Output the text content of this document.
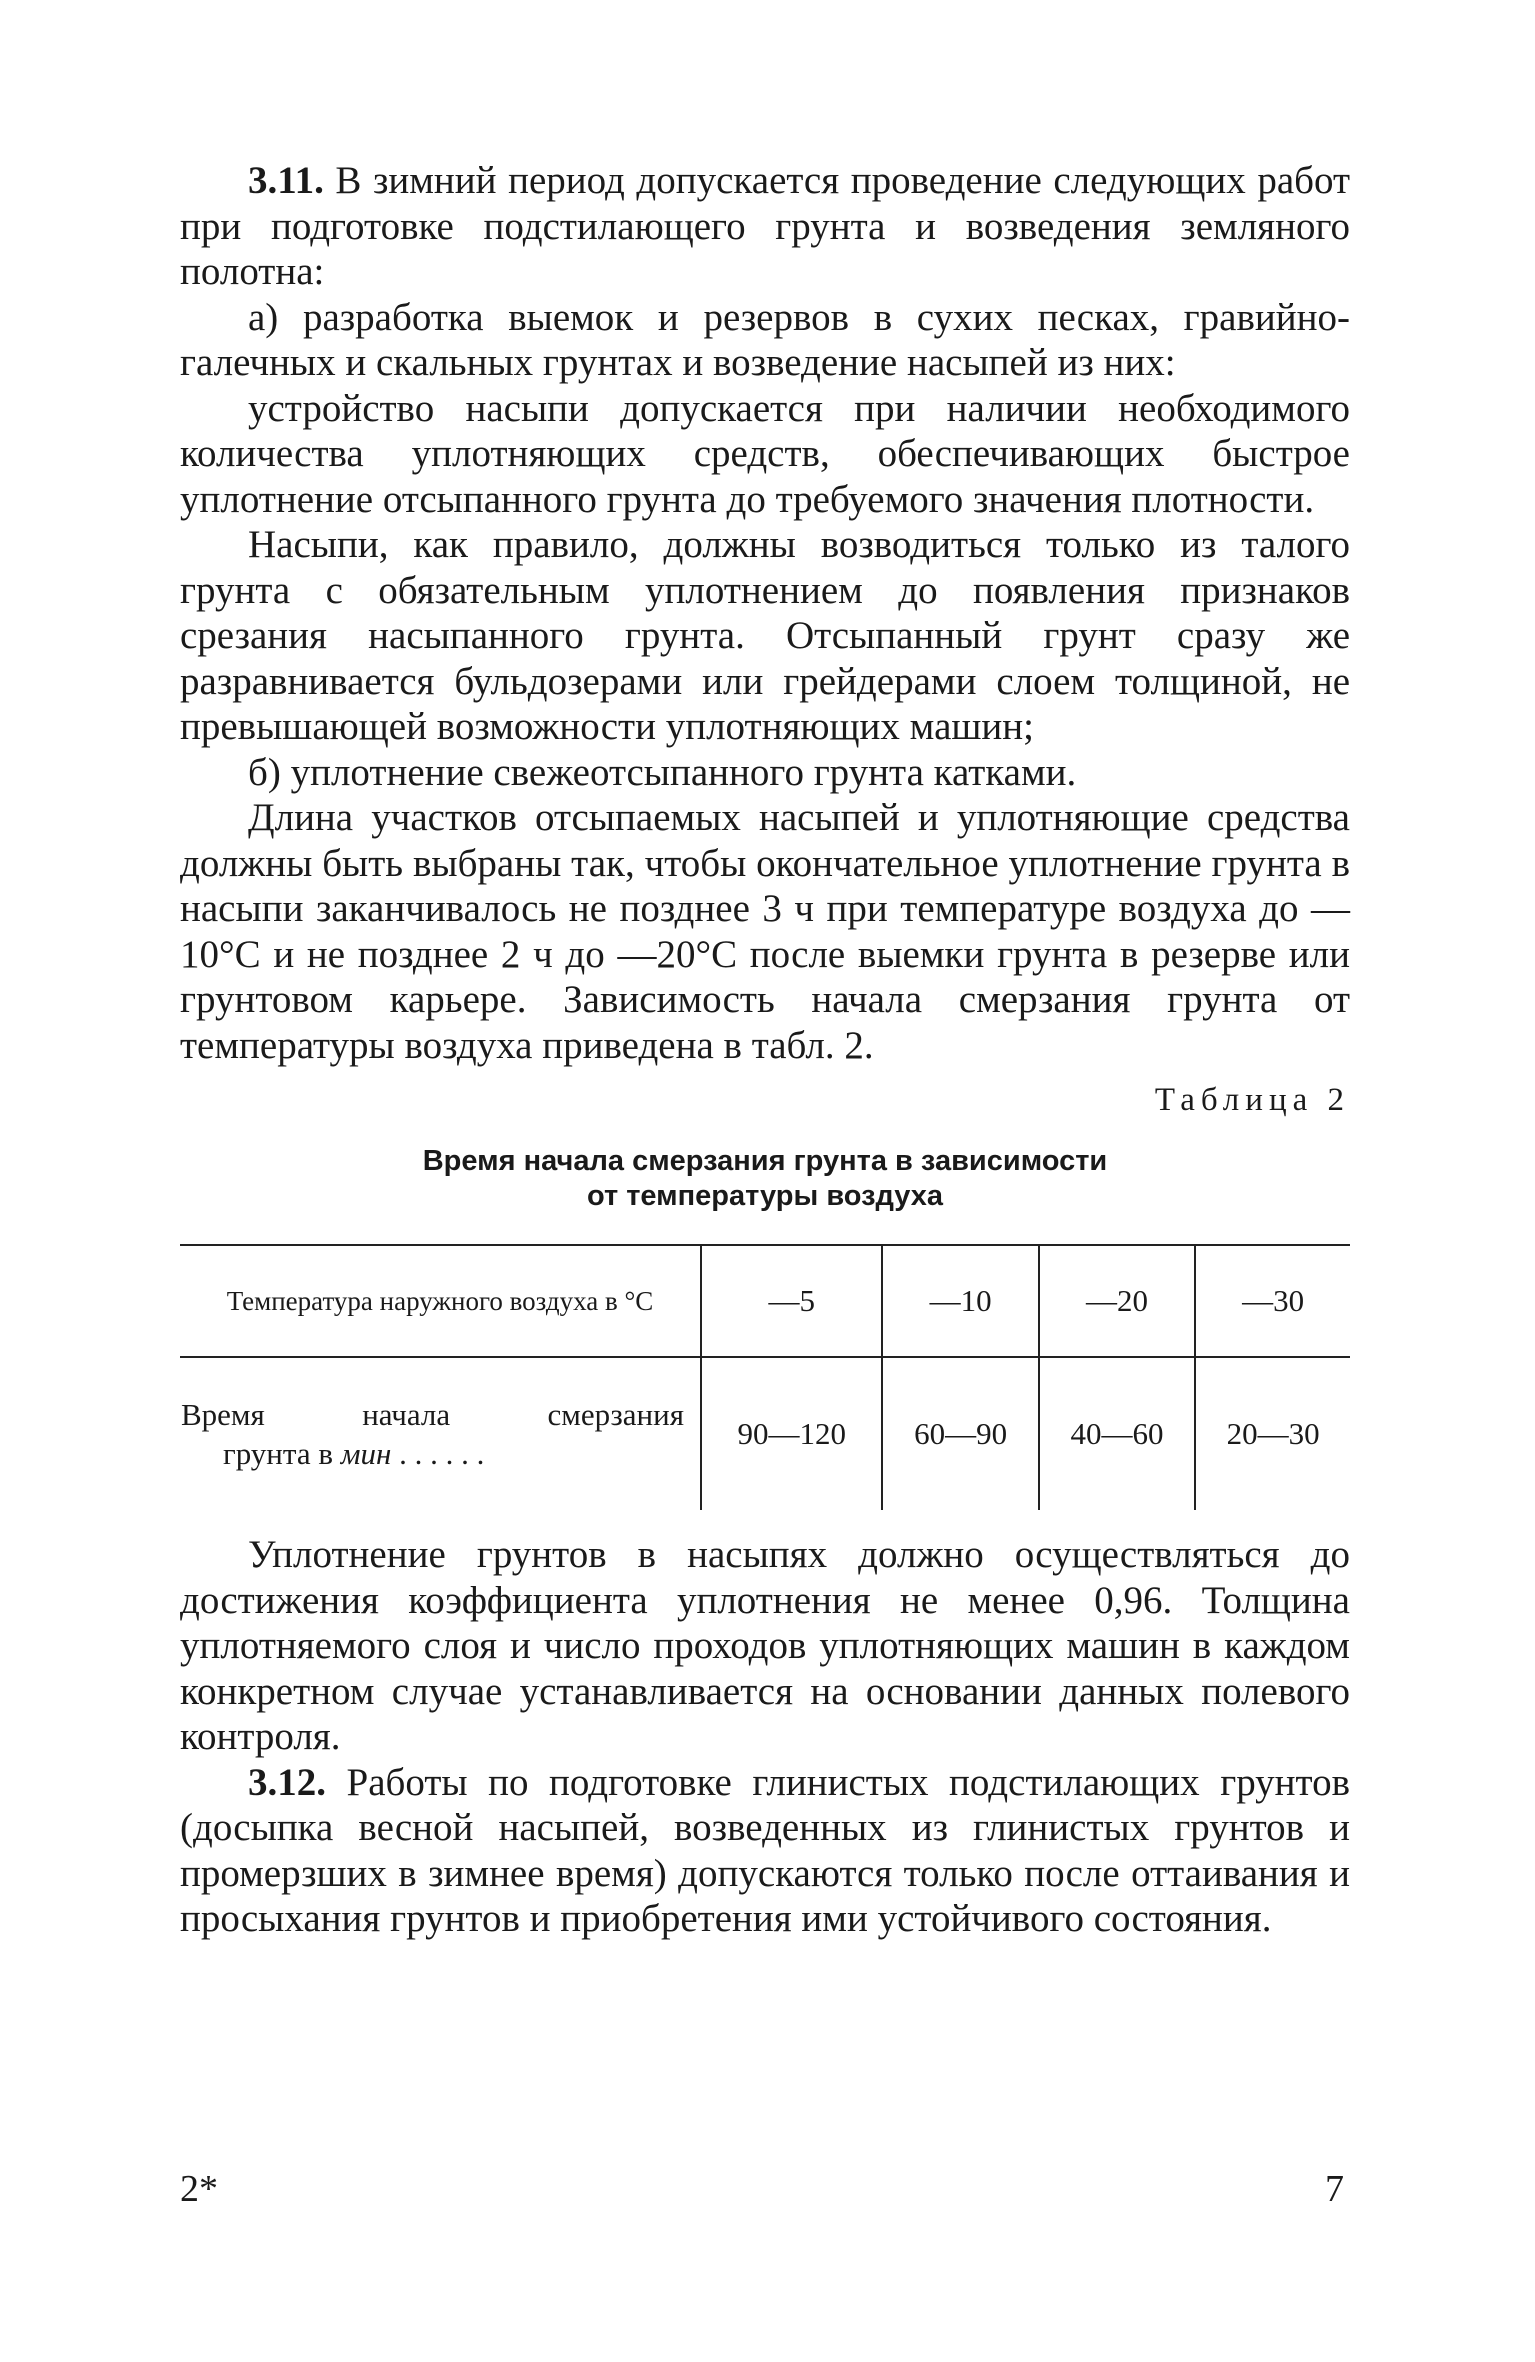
3.11. В зимний период допускается проведение следующих работ при подготовке подстилающего грунта и возведения земляного полотна:

а) разработка выемок и резервов в сухих песках, гравийно-галечных и скальных грунтах и возведение насыпей из них:

устройство насыпи допускается при наличии необходимого количества уплотняющих средств, обеспечивающих быстрое уплотнение отсыпанного грунта до требуемого значения плотности.

Насыпи, как правило, должны возводиться только из талого грунта с обязательным уплотнением до появления признаков срезания насыпанного грунта. Отсыпанный грунт сразу же разравнивается бульдозерами или грейдерами слоем толщиной, не превышающей возможности уплотняющих машин;

б) уплотнение свежеотсыпанного грунта катками.

Длина участков отсыпаемых насыпей и уплотняющие средства должны быть выбраны так, чтобы окончательное уплотнение грунта в насыпи заканчивалось не позднее 3 ч при температуре воздуха до —10°С и не позднее 2 ч до —20°С после выемки грунта в резерве или грунтовом карьере. Зависимость начала смерзания грунта от температуры воздуха приведена в табл. 2.

Таблица 2

Время начала смерзания грунта в зависимости
от температуры воздуха
Температура наружного воздуха в °С	—5	—10	—20	—30

Время начала смерзания
грунта в мин . . . . . .	90—120	60—90	40—60	20—30

Уплотнение грунтов в насыпях должно осуществляться до достижения коэффициента уплотнения не менее 0,96. Толщина уплотняемого слоя и число проходов уплотняющих машин в каждом конкретном случае устанавливается на основании данных полевого контроля.

3.12. Работы по подготовке глинистых подстилающих грунтов (досыпка весной насыпей, возведенных из глинистых грунтов и промерзших в зимнее время) допускаются только после оттаивания и просыхания грунтов и приобретения ими устойчивого состояния.

2*	7
